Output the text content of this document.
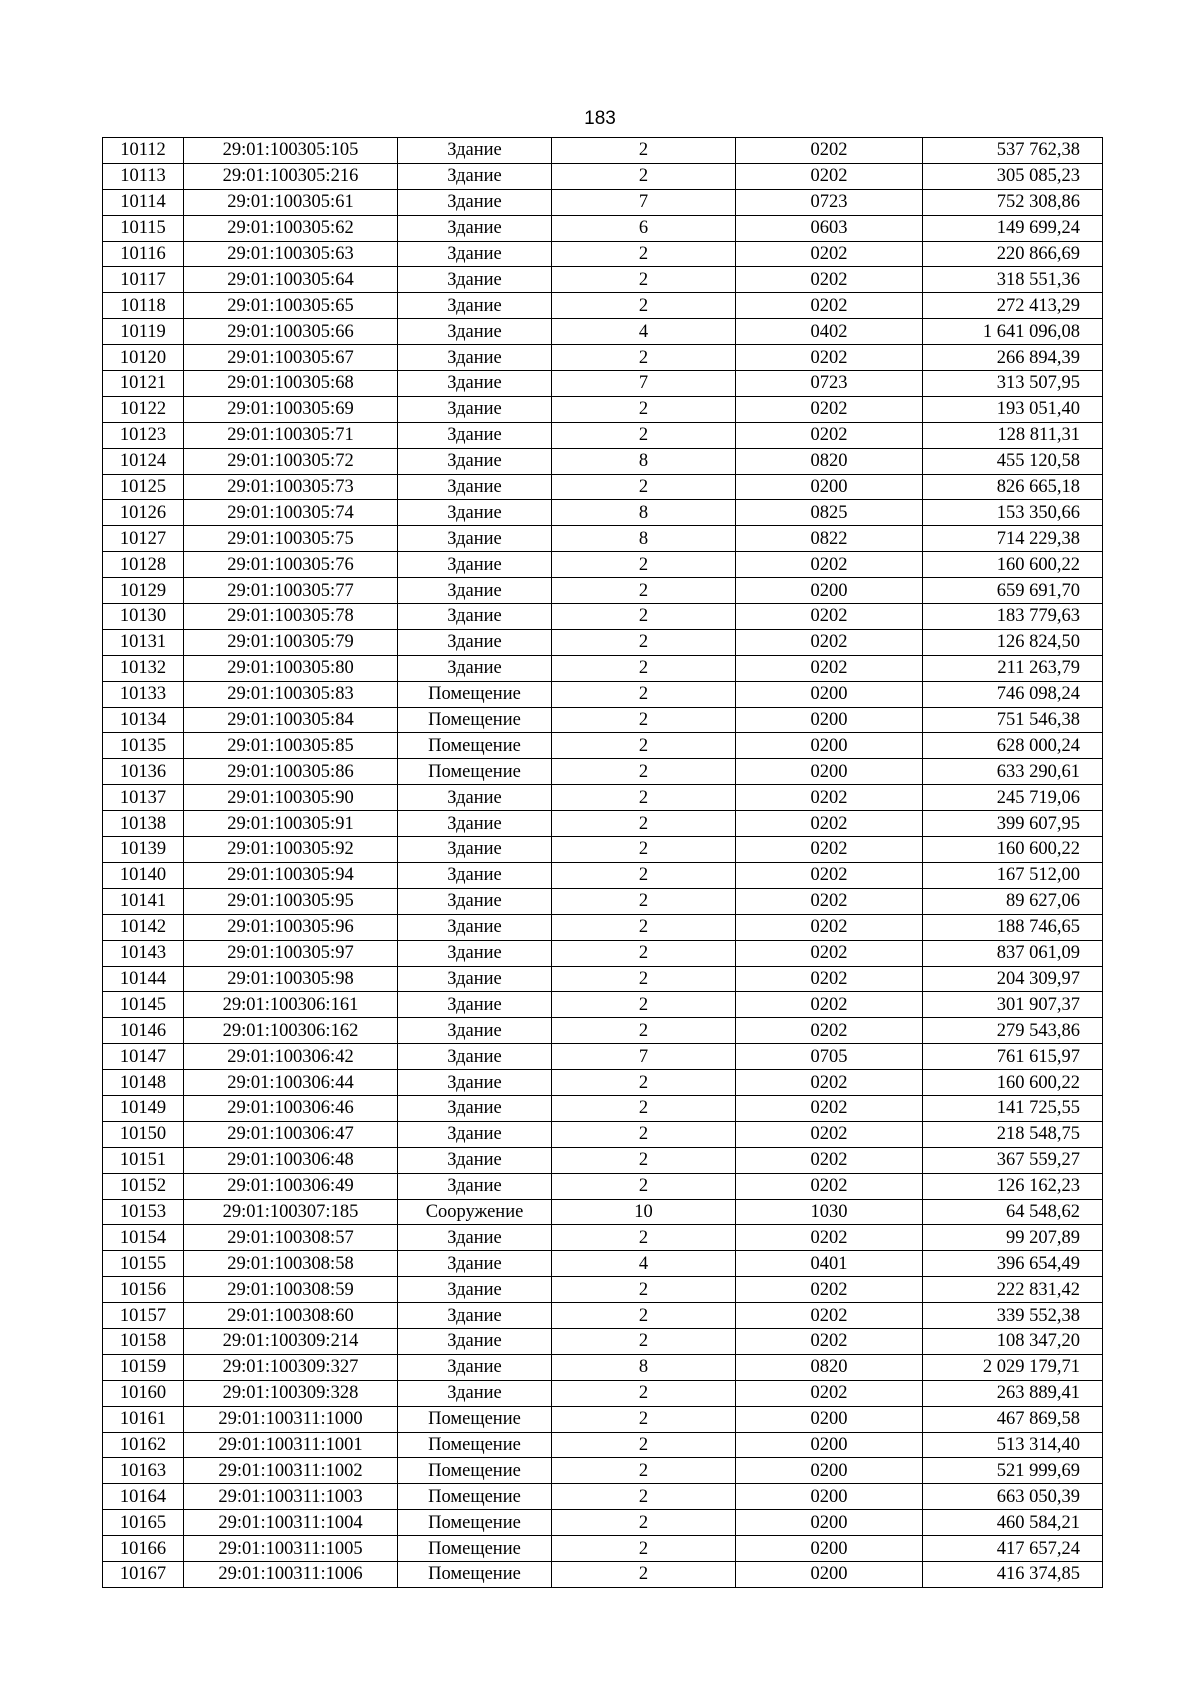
183
10112	29:01:100305:105	Здание	2	0202	537 762,38
10113	29:01:100305:216	Здание	2	0202	305 085,23
10114	29:01:100305:61	Здание	7	0723	752 308,86
10115	29:01:100305:62	Здание	6	0603	149 699,24
10116	29:01:100305:63	Здание	2	0202	220 866,69
10117	29:01:100305:64	Здание	2	0202	318 551,36
10118	29:01:100305:65	Здание	2	0202	272 413,29
10119	29:01:100305:66	Здание	4	0402	1 641 096,08
10120	29:01:100305:67	Здание	2	0202	266 894,39
10121	29:01:100305:68	Здание	7	0723	313 507,95
10122	29:01:100305:69	Здание	2	0202	193 051,40
10123	29:01:100305:71	Здание	2	0202	128 811,31
10124	29:01:100305:72	Здание	8	0820	455 120,58
10125	29:01:100305:73	Здание	2	0200	826 665,18
10126	29:01:100305:74	Здание	8	0825	153 350,66
10127	29:01:100305:75	Здание	8	0822	714 229,38
10128	29:01:100305:76	Здание	2	0202	160 600,22
10129	29:01:100305:77	Здание	2	0200	659 691,70
10130	29:01:100305:78	Здание	2	0202	183 779,63
10131	29:01:100305:79	Здание	2	0202	126 824,50
10132	29:01:100305:80	Здание	2	0202	211 263,79
10133	29:01:100305:83	Помещение	2	0200	746 098,24
10134	29:01:100305:84	Помещение	2	0200	751 546,38
10135	29:01:100305:85	Помещение	2	0200	628 000,24
10136	29:01:100305:86	Помещение	2	0200	633 290,61
10137	29:01:100305:90	Здание	2	0202	245 719,06
10138	29:01:100305:91	Здание	2	0202	399 607,95
10139	29:01:100305:92	Здание	2	0202	160 600,22
10140	29:01:100305:94	Здание	2	0202	167 512,00
10141	29:01:100305:95	Здание	2	0202	89 627,06
10142	29:01:100305:96	Здание	2	0202	188 746,65
10143	29:01:100305:97	Здание	2	0202	837 061,09
10144	29:01:100305:98	Здание	2	0202	204 309,97
10145	29:01:100306:161	Здание	2	0202	301 907,37
10146	29:01:100306:162	Здание	2	0202	279 543,86
10147	29:01:100306:42	Здание	7	0705	761 615,97
10148	29:01:100306:44	Здание	2	0202	160 600,22
10149	29:01:100306:46	Здание	2	0202	141 725,55
10150	29:01:100306:47	Здание	2	0202	218 548,75
10151	29:01:100306:48	Здание	2	0202	367 559,27
10152	29:01:100306:49	Здание	2	0202	126 162,23
10153	29:01:100307:185	Сооружение	10	1030	64 548,62
10154	29:01:100308:57	Здание	2	0202	99 207,89
10155	29:01:100308:58	Здание	4	0401	396 654,49
10156	29:01:100308:59	Здание	2	0202	222 831,42
10157	29:01:100308:60	Здание	2	0202	339 552,38
10158	29:01:100309:214	Здание	2	0202	108 347,20
10159	29:01:100309:327	Здание	8	0820	2 029 179,71
10160	29:01:100309:328	Здание	2	0202	263 889,41
10161	29:01:100311:1000	Помещение	2	0200	467 869,58
10162	29:01:100311:1001	Помещение	2	0200	513 314,40
10163	29:01:100311:1002	Помещение	2	0200	521 999,69
10164	29:01:100311:1003	Помещение	2	0200	663 050,39
10165	29:01:100311:1004	Помещение	2	0200	460 584,21
10166	29:01:100311:1005	Помещение	2	0200	417 657,24
10167	29:01:100311:1006	Помещение	2	0200	416 374,85
